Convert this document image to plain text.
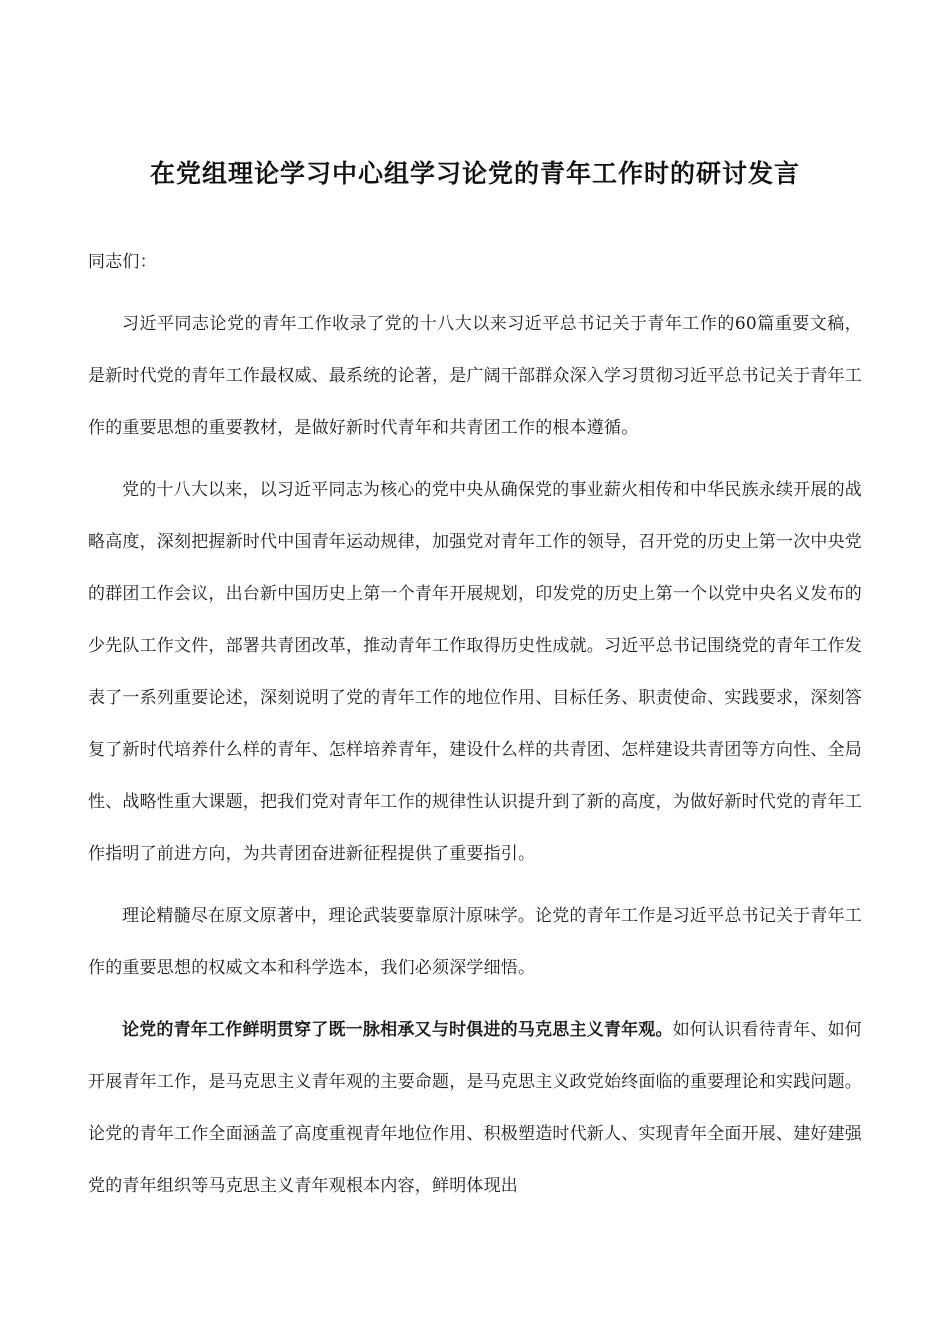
在党组理论学习中心组学习论党的青年工作时的研讨发言

同志们：

习近平同志论党的青年工作收录了党的十八大以来习近平总书记关于青年工作的60篇重要文稿，是新时代党的青年工作最权威、最系统的论著，是广阔干部群众深入学习贯彻习近平总书记关于青年工作的重要思想的重要教材，是做好新时代青年和共青团工作的根本遵循。

党的十八大以来，以习近平同志为核心的党中央从确保党的事业薪火相传和中华民族永续开展的战略高度，深刻把握新时代中国青年运动规律，加强党对青年工作的领导，召开党的历史上第一次中央党的群团工作会议，出台新中国历史上第一个青年开展规划，印发党的历史上第一个以党中央名义发布的少先队工作文件，部署共青团改革，推动青年工作取得历史性成就。习近平总书记围绕党的青年工作发表了一系列重要论述，深刻说明了党的青年工作的地位作用、目标任务、职责使命、实践要求，深刻答复了新时代培养什么样的青年、怎样培养青年，建设什么样的共青团、怎样建设共青团等方向性、全局性、战略性重大课题，把我们党对青年工作的规律性认识提升到了新的高度，为做好新时代党的青年工作指明了前进方向，为共青团奋进新征程提供了重要指引。

理论精髓尽在原文原著中，理论武装要靠原汁原味学。论党的青年工作是习近平总书记关于青年工作的重要思想的权威文本和科学选本，我们必须深学细悟。

论党的青年工作鲜明贯穿了既一脉相承又与时俱进的马克思主义青年观。如何认识看待青年、如何开展青年工作，是马克思主义青年观的主要命题，是马克思主义政党始终面临的重要理论和实践问题。论党的青年工作全面涵盖了高度重视青年地位作用、积极塑造时代新人、实现青年全面开展、建好建强党的青年组织等马克思主义青年观根本内容，鲜明体现出
